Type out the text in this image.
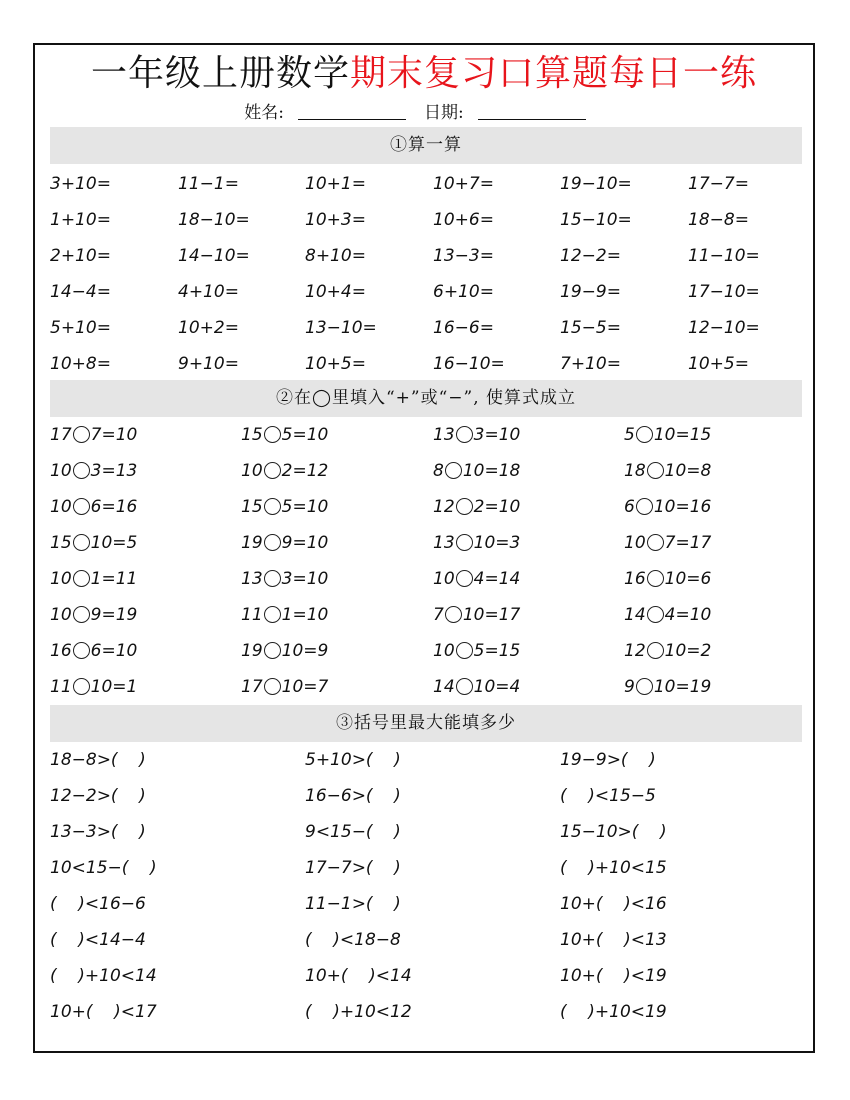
一年级上册数学期末复习口算题每日一练
姓名:	日期:
①算一算
3+10=	11−1=	10+1=	10+7=	19−10=	17−7=
1+10=	18−10=	10+3=	10+6=	15−10=	18−8=
2+10=	14−10=	8+10=	13−3=	12−2=	11−10=
14−4=	4+10=	10+4=	6+10=	19−9=	17−10=
5+10=	10+2=	13−10=	16−6=	15−5=	12−10=
10+8=	9+10=	10+5=	16−10=	7+10=	10+5=
②在◯里填入“+”或“−”, 使算式成立
17 7=10	15 5=10	13 3=10	5 10=15
10 3=13	10 2=12	8 10=18	18 10=8
10 6=16	15 5=10	12 2=10	6 10=16
15 10=5	19 9=10	13 10=3	10 7=17
10 1=11	13 3=10	10 4=14	16 10=6
10 9=19	11 1=10	7 10=17	14 4=10
16 6=10	19 10=9	10 5=15	12 10=2
11 10=1	17 10=7	14 10=4	9 10=19
③括号里最大能填多少
18−8>(    )	5+10>(    )	19−9>(    )
12−2>(    )	16−6>(    )	(    )<15−5
13−3>(    )	9<15−(    )	15−10>(    )
10<15−(    )	17−7>(    )	(    )+10<15
(    )<16−6	11−1>(    )	10+(    )<16
(    )<14−4	(    )<18−8	10+(    )<13
(    )+10<14	10+(    )<14	10+(    )<19
10+(    )<17	(    )+10<12	(    )+10<19
